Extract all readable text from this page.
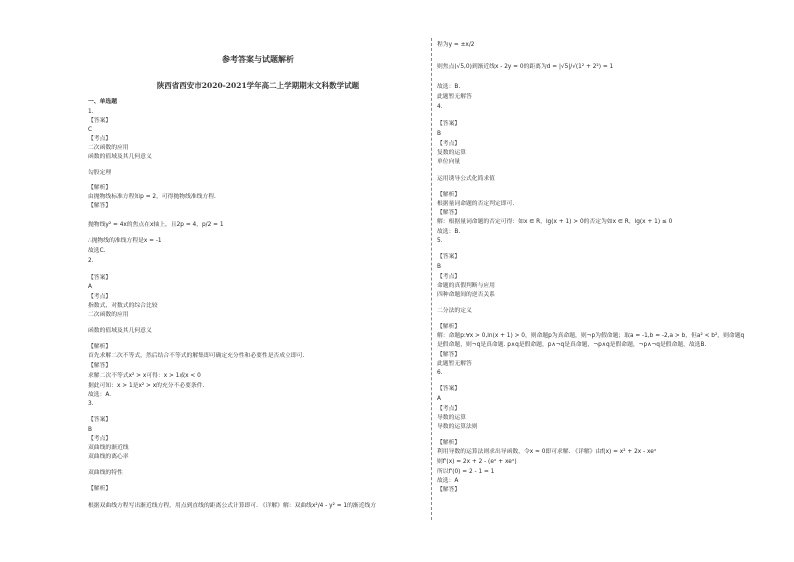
参考答案与试题解析
陕西省西安市2020-2021学年高二上学期期末文科数学试题
一、单选题
1.
【答案】
C
【考点】
二次函数的应用
函数的值域及其几何意义
勾股定理
【解析】
由抛物线标准方程知p = 2，可得抛物线准线方程.
【解答】
抛物线y² = 4x的焦点在x轴上，且2p = 4，p/2 = 1
∴抛物线的准线方程是x = -1
故选C.
2.
【答案】
A
【考点】
指数式、对数式的综合比较
二次函数的应用
函数的值域及其几何意义
【解析】
首先求解二次不等式，然后结合不等式的解集即可确定充分性和必要性是否成立即可.
【解答】
求解二次不等式x² > x可得：x > 1或x < 0
据此可知：x > 1是x² > x的充分不必要条件.
故选：A.
3.
【答案】
B
【考点】
双曲线的渐近线
双曲线的离心率
双曲线的特性
【解析】
根据双曲线方程写出渐近线方程，用点到直线的距离公式计算即可. 《详解》解：双曲线x²/4 - y² = 1的渐近线方
程为y = ±x/2
则焦点(√5,0)到渐近线x - 2y = 0的距离为d = |√5|/√(1² + 2²) = 1
故选：B.
此题暂无解答
4.
【答案】
B
【考点】
复数的运算
单位向量
运用诱导公式化简求值
【解析】
根据量词命题的否定判定即可.
【解答】
解：根据量词命题的否定可得：如x ∈ R，lg(x + 1) > 0的否定为如x ∈ R，lg(x + 1) ≤ 0
故选：B.
5.
【答案】
B
【考点】
命题的真假判断与应用
四种命题间的逆否关系
二分法的定义
【解析】
解：命题p:∀x > 0,ln(x + 1) > 0，则命题p为真命题，则¬p为假命题；取a = -1,b = -2,a > b，但a² < b²，则命题q
是假命题，则¬q是真命题. p∧q是假命题，p∧¬q是真命题，¬p∧q是假命题，¬p∧¬q是假命题，故选B.
【解答】
此题暂无解答
6.
【答案】
A
【考点】
导数的运算
导数的运算法则
【解析】
利用导数的运算法则求出导函数，令x = 0即可求解. 《详解》由f(x) = x² + 2x - xeˣ
则f'(x) = 2x + 2 - (eˣ + xeˣ)
所以f'(0) = 2 - 1 = 1
故选：A
【解答】
